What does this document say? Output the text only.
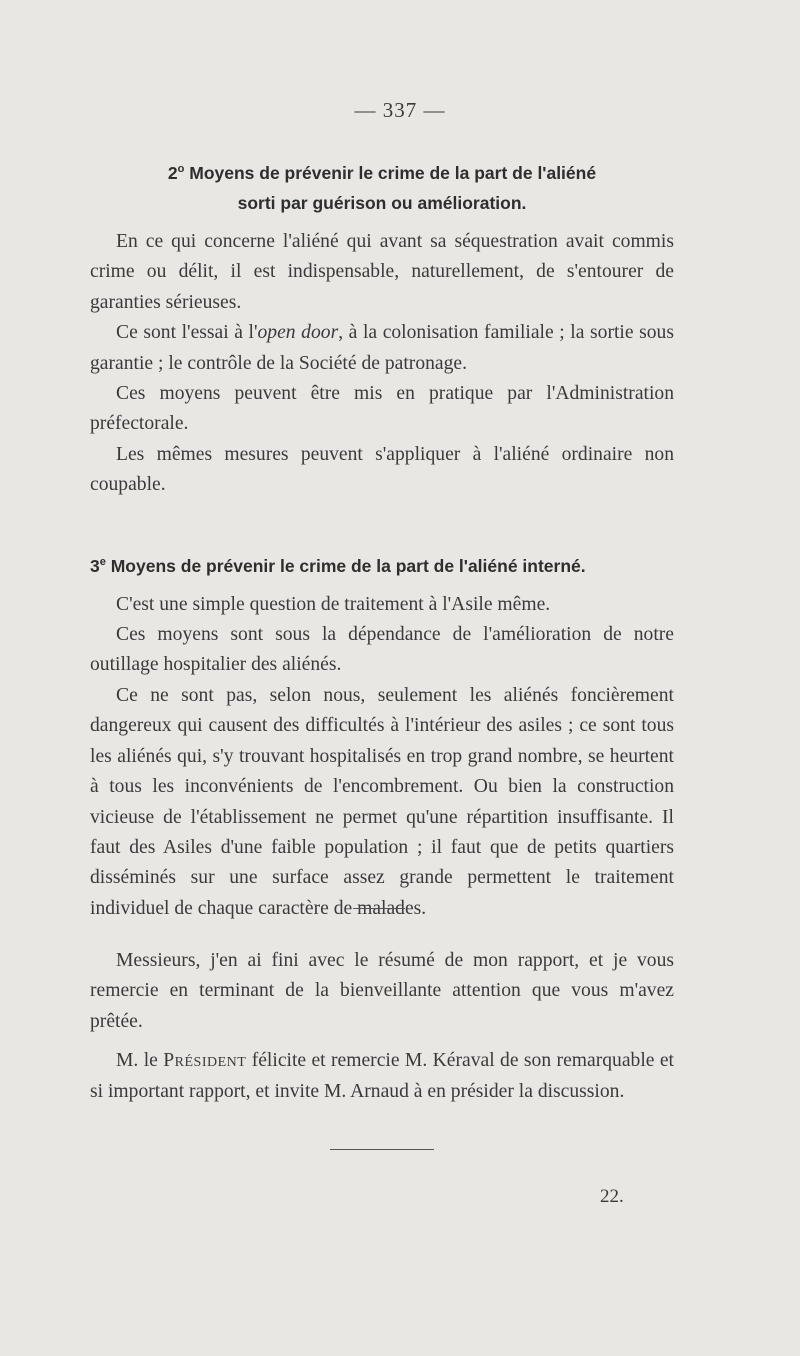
— 337 —
2$^o$ Moyens de prévenir le crime de la part de l'aliéné
sorti par guérison ou amélioration.

En ce qui concerne l'aliéné qui avant sa séquestration avait commis crime ou délit, il est indispensable, naturellement, de s'entourer de garanties sérieuses.

Ce sont l'essai à l'open door, à la colonisation familiale ; la sortie sous garantie ; le contrôle de la Société de patronage.

Ces moyens peuvent être mis en pratique par l'Administration préfectorale.

Les mêmes mesures peuvent s'appliquer à l'aliéné ordinaire non coupable.

3e Moyens de prévenir le crime de la part de l'aliéné interné.

C'est une simple question de traitement à l'Asile même.

Ces moyens sont sous la dépendance de l'amélioration de notre outillage hospitalier des aliénés.

Ce ne sont pas, selon nous, seulement les aliénés foncièrement dangereux qui causent des difficultés à l'intérieur des asiles ; ce sont tous les aliénés qui, s'y trouvant hospitalisés en trop grand nombre, se heurtent à tous les inconvénients de l'encombrement. Ou bien la construction vicieuse de l'établissement ne permet qu'une répartition insuffisante. Il faut des Asiles d'une faible population ; il faut que de petits quartiers disséminés sur une surface assez grande permettent le traitement individuel de chaque caractère de malades.

Messieurs, j'en ai fini avec le résumé de mon rapport, et je vous remercie en terminant de la bienveillante attention que vous m'avez prêtée.

M. le Président félicite et remercie M. Kéraval de son remarquable et si important rapport, et invite M. Arnaud à en présider la discussion.

22.
